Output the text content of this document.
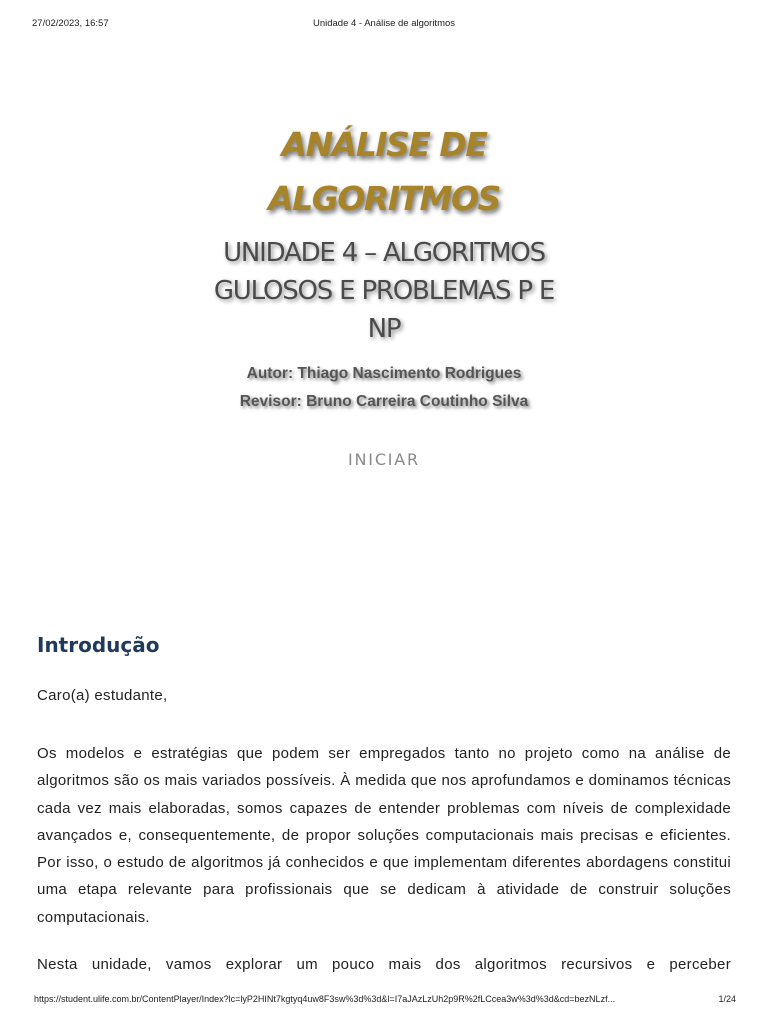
27/02/2023, 16:57	Unidade 4 - Análise de algoritmos
ANÁLISE DE
ALGORITMOS
UNIDADE 4 – ALGORITMOS
GULOSOS E PROBLEMAS P E
NP
Autor: Thiago Nascimento Rodrigues
Revisor: Bruno Carreira Coutinho Silva
INICIAR
Introdução
Caro(a) estudante,
Os modelos e estratégias que podem ser empregados tanto no projeto como na análise de algoritmos são os mais variados possíveis. À medida que nos aprofundamos e dominamos técnicas cada vez mais elaboradas, somos capazes de entender problemas com níveis de complexidade avançados e, consequentemente, de propor soluções computacionais mais precisas e eficientes. Por isso, o estudo de algoritmos já conhecidos e que implementam diferentes abordagens constitui uma etapa relevante para profissionais que se dedicam à atividade de construir soluções computacionais.
Nesta unidade, vamos explorar um pouco mais dos algoritmos recursivos e perceber
https://student.ulife.com.br/ContentPlayer/Index?lc=lyP2HINt7kgtyq4uw8F3sw%3d%3d&l=I7aJAzLzUh2p9R%2fLCcea3w%3d%3d&cd=bezNLzf...	1/24
